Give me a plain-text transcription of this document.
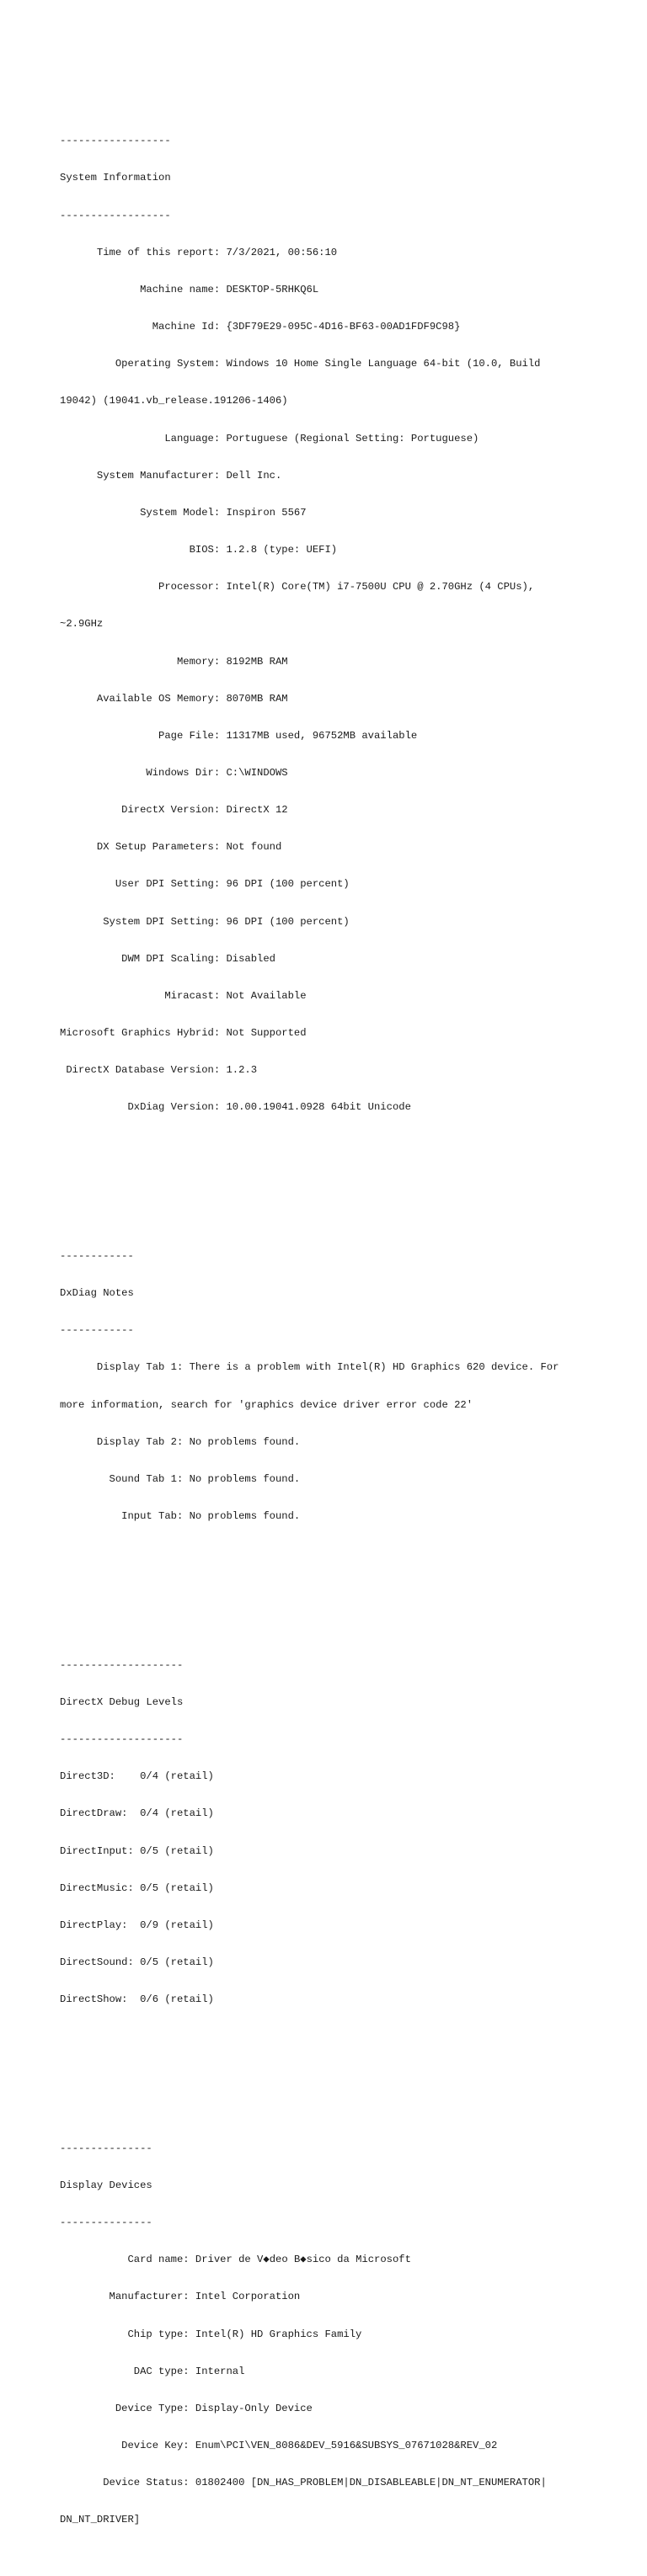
------------------

System Information

------------------

Time of this report: 7/3/2021, 00:56:10

Machine name: DESKTOP-5RHKQ6L

Machine Id: {3DF79E29-095C-4D16-BF63-00AD1FDF9C98}

Operating System: Windows 10 Home Single Language 64-bit (10.0, Build

19042) (19041.vb_release.191206-1406)

Language: Portuguese (Regional Setting: Portuguese)

System Manufacturer: Dell Inc.

System Model: Inspiron 5567

BIOS: 1.2.8 (type: UEFI)

Processor: Intel(R) Core(TM) i7-7500U CPU @ 2.70GHz (4 CPUs),

~2.9GHz

Memory: 8192MB RAM

Available OS Memory: 8070MB RAM

Page File: 11317MB used, 96752MB available

Windows Dir: C:\WINDOWS

DirectX Version: DirectX 12

DX Setup Parameters: Not found

User DPI Setting: 96 DPI (100 percent)

System DPI Setting: 96 DPI (100 percent)

DWM DPI Scaling: Disabled

Miracast: Not Available

Microsoft Graphics Hybrid: Not Supported

DirectX Database Version: 1.2.3

DxDiag Version: 10.00.19041.0928 64bit Unicode

------------

DxDiag Notes

------------

Display Tab 1: There is a problem with Intel(R) HD Graphics 620 device. For

more information, search for 'graphics device driver error code 22'

Display Tab 2: No problems found.

Sound Tab 1: No problems found.

Input Tab: No problems found.

--------------------

DirectX Debug Levels

--------------------

Direct3D:    0/4 (retail)

DirectDraw:  0/4 (retail)

DirectInput: 0/5 (retail)

DirectMusic: 0/5 (retail)

DirectPlay:  0/9 (retail)

DirectSound: 0/5 (retail)

DirectShow:  0/6 (retail)

---------------

Display Devices

---------------

Card name: Driver de V◆deo B◆sico da Microsoft

Manufacturer: Intel Corporation

Chip type: Intel(R) HD Graphics Family

DAC type: Internal

Device Type: Display-Only Device

Device Key: Enum\PCI\VEN_8086&DEV_5916&SUBSYS_07671028&REV_02

Device Status: 01802400 [DN_HAS_PROBLEM|DN_DISABLEABLE|DN_NT_ENUMERATOR|

DN_NT_DRIVER]
